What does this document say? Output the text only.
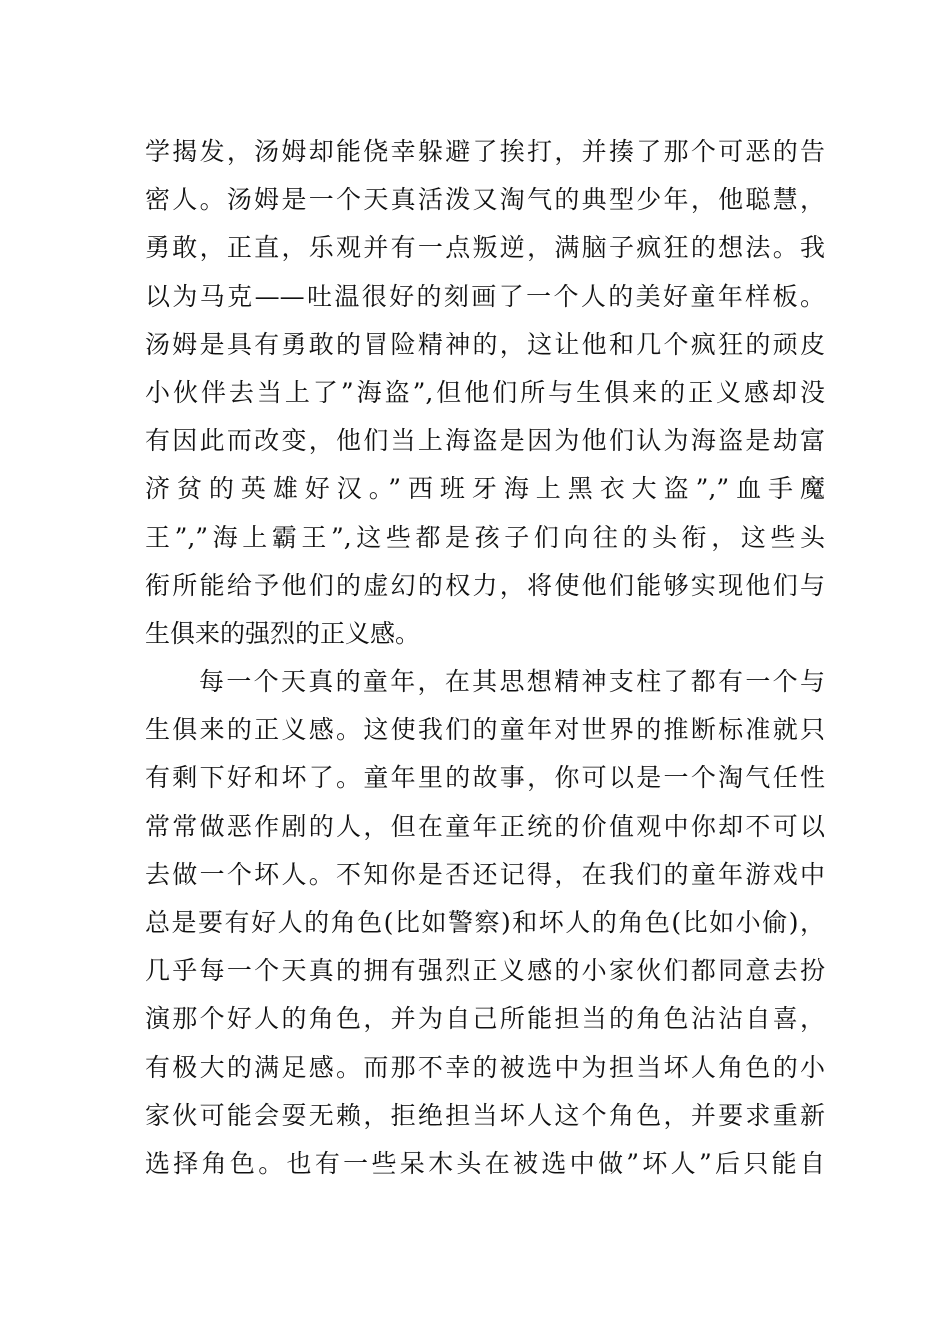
学揭发，汤姆却能侥幸躲避了挨打，并揍了那个可恶的告
密人。汤姆是一个天真活泼又淘气的典型少年，他聪慧，
勇敢，正直，乐观并有一点叛逆，满脑子疯狂的想法。我
以为马克——吐温很好的刻画了一个人的美好童年样板。
汤姆是具有勇敢的冒险精神的，这让他和几个疯狂的顽皮
小伙伴去当上了”海盗”,但他们所与生俱来的正义感却没
有因此而改变，他们当上海盗是因为他们认为海盗是劫富
济贫的英雄好汉。”西班牙海上黑衣大盗”,”血手魔
王”,”海上霸王”,这些都是孩子们向往的头衔，这些头
衔所能给予他们的虚幻的权力，将使他们能够实现他们与
生俱来的强烈的正义感。
每一个天真的童年，在其思想精神支柱了都有一个与
生俱来的正义感。这使我们的童年对世界的推断标准就只
有剩下好和坏了。童年里的故事，你可以是一个淘气任性
常常做恶作剧的人，但在童年正统的价值观中你却不可以
去做一个坏人。不知你是否还记得，在我们的童年游戏中
总是要有好人的角色(比如警察)和坏人的角色(比如小偷)，
几乎每一个天真的拥有强烈正义感的小家伙们都同意去扮
演那个好人的角色，并为自己所能担当的角色沾沾自喜，
有极大的满足感。而那不幸的被选中为担当坏人角色的小
家伙可能会耍无赖，拒绝担当坏人这个角色，并要求重新
选择角色。也有一些呆木头在被选中做”坏人”后只能自
